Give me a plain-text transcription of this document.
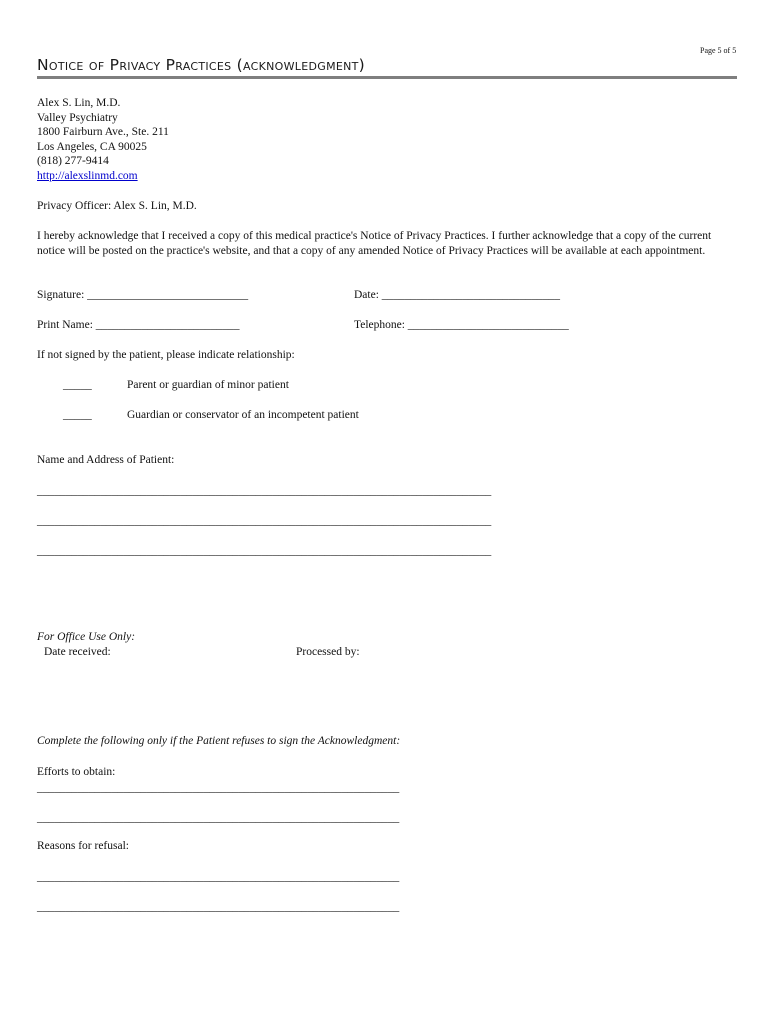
Page 5 of 5
Notice of Privacy Practices (acknowledgment)
Alex S. Lin, M.D.
Valley Psychiatry
1800 Fairburn Ave., Ste. 211
Los Angeles, CA 90025
(818) 277-9414
http://alexslinmd.com
Privacy Officer: Alex S. Lin, M.D.
I hereby acknowledge that I received a copy of this medical practice's Notice of Privacy Practices. I further acknowledge that a copy of the current notice will be posted on the practice's website, and that a copy of any amended Notice of Privacy Practices will be available at each appointment.
Signature: ____________________________	Date: _______________________________
Print Name: _________________________	Telephone: ____________________________
If not signed by the patient, please indicate relationship:
_____	Parent or guardian of minor patient
_____	Guardian or conservator of an incompetent patient
Name and Address of Patient:
_______________________________________________________________________________
_______________________________________________________________________________
_______________________________________________________________________________
For Office Use Only:
Date received:	Processed by:
Complete the following only if the Patient refuses to sign the Acknowledgment:
Efforts to obtain:
_______________________________________________________________
_______________________________________________________________
Reasons for refusal:
_______________________________________________________________
_______________________________________________________________
